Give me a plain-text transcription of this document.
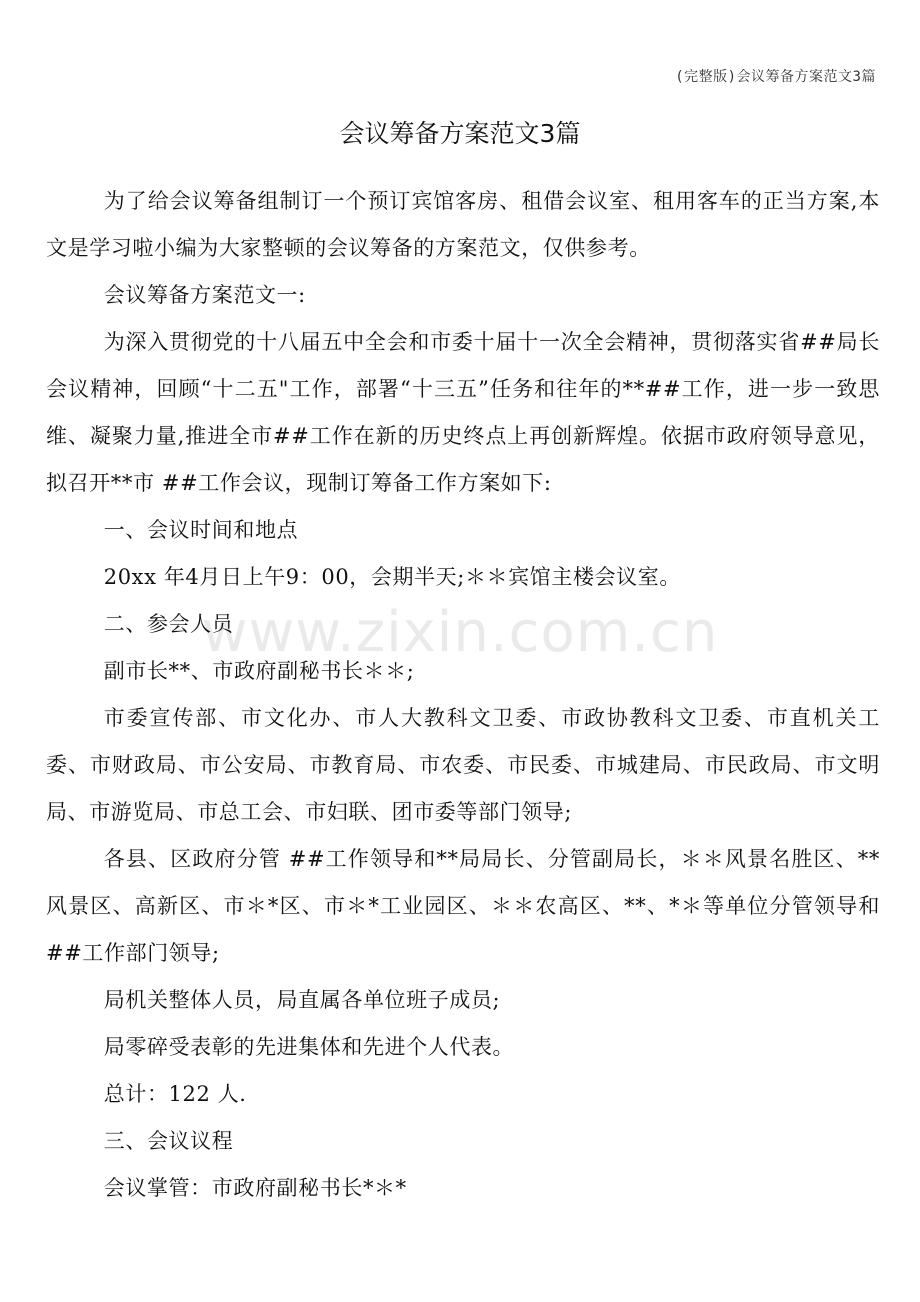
(完整版)会议筹备方案范文3篇
会议筹备方案范文3篇
www.zixin.com.cn

为了给会议筹备组制订一个预订宾馆客房、租借会议室、租用客车的正当方案,本文是学习啦小编为大家整顿的会议筹备的方案范文，仅供参考。

会议筹备方案范文一:

为深入贯彻党的十八届五中全会和市委十届十一次全会精神，贯彻落实省##局长会议精神，回顾“十二五"工作，部署“十三五”任务和往年的**##工作，进一步一致思维、凝聚力量,推进全市##工作在新的历史终点上再创新辉煌。依据市政府领导意见，拟召开**市 ##工作会议，现制订筹备工作方案如下:

一、会议时间和地点

20xx 年4月日上午9：00，会期半天;＊＊宾馆主楼会议室。

二、参会人员

副市长**、市政府副秘书长＊＊;

市委宣传部、市文化办、市人大教科文卫委、市政协教科文卫委、市直机关工委、市财政局、市公安局、市教育局、市农委、市民委、市城建局、市民政局、市文明局、市游览局、市总工会、市妇联、团市委等部门领导;

各县、区政府分管 ##工作领导和**局局长、分管副局长，＊＊风景名胜区、**风景区、高新区、市＊*区、市＊*工业园区、＊＊农高区、**、*＊等单位分管领导和 ##工作部门领导;

局机关整体人员，局直属各单位班子成员;

局零碎受表彰的先进集体和先进个人代表。

总计：122 人.

三、会议议程

会议掌管：市政府副秘书长*＊*
